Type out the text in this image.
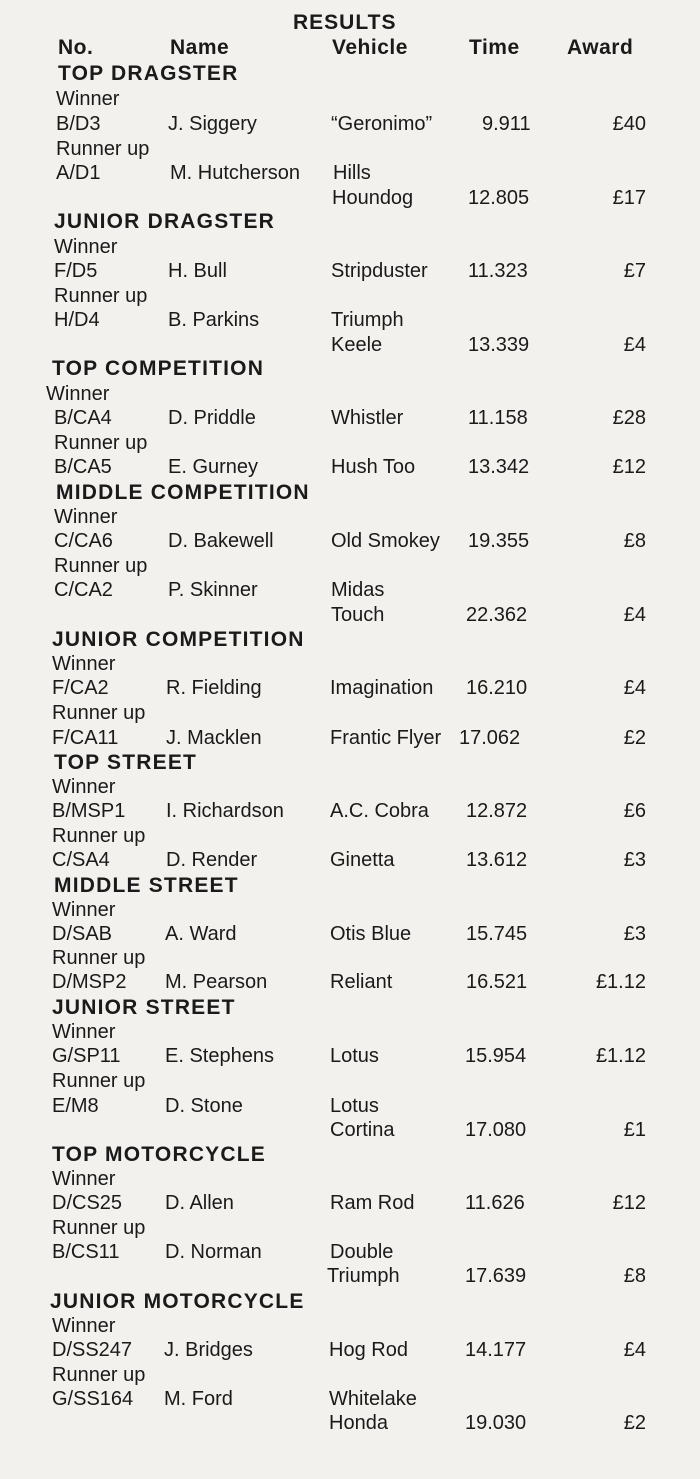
RESULTS
No.	Name	Vehicle	Time Award
TOP DRAGSTER
Winner
B/D3	J. Siggery	“Geronimo” 9.911	£40
Runner up
A/D1	M. Hutcherson Hills
Houndog	12.805	£17
JUNIOR DRAGSTER
Winner
F/D5	H. Bull	Stripduster 11.323	£7
Runner up
H/D4	B. Parkins	Triumph
Keele	13.339	£4
TOP COMPETITION
Winner
B/CA4	D. Priddle	Whistler	11.158	£28
Runner up
B/CA5	E. Gurney	Hush Too	13.342	£12
MIDDLE COMPETITION
Winner
C/CA6	D. Bakewell	Old Smokey 19.355	£8
Runner up
C/CA2	P. Skinner	Midas
Touch	22.362	£4
JUNIOR COMPETITION
Winner
F/CA2	R. Fielding	Imagination 16.210	£4
Runner up
F/CA11 J. Macklen	Frantic Flyer 17.062	£2
TOP STREET
Winner
B/MSP1 I. Richardson A.C. Cobra 12.872	£6
Runner up
C/SA4	D. Render	Ginetta	13.612	£3
MIDDLE STREET
Winner
D/SAB	A. Ward	Otis Blue	15.745	£3
Runner up
D/MSP2 M. Pearson	Reliant	16.521	£1.12
JUNIOR STREET
Winner
G/SP11 E. Stephens	Lotus	15.954	£1.12
Runner up
E/M8	D. Stone	Lotus
Cortina	17.080	£1
TOP MOTORCYCLE
Winner
D/CS25 D. Allen	Ram Rod	11.626	£12
Runner up
B/CS11 D. Norman	Double
Triumph	17.639	£8
JUNIOR MOTORCYCLE
Winner
D/SS247 J. Bridges	Hog Rod	14.177	£4
Runner up
G/SS164 M. Ford	Whitelake
Honda	19.030	£2
